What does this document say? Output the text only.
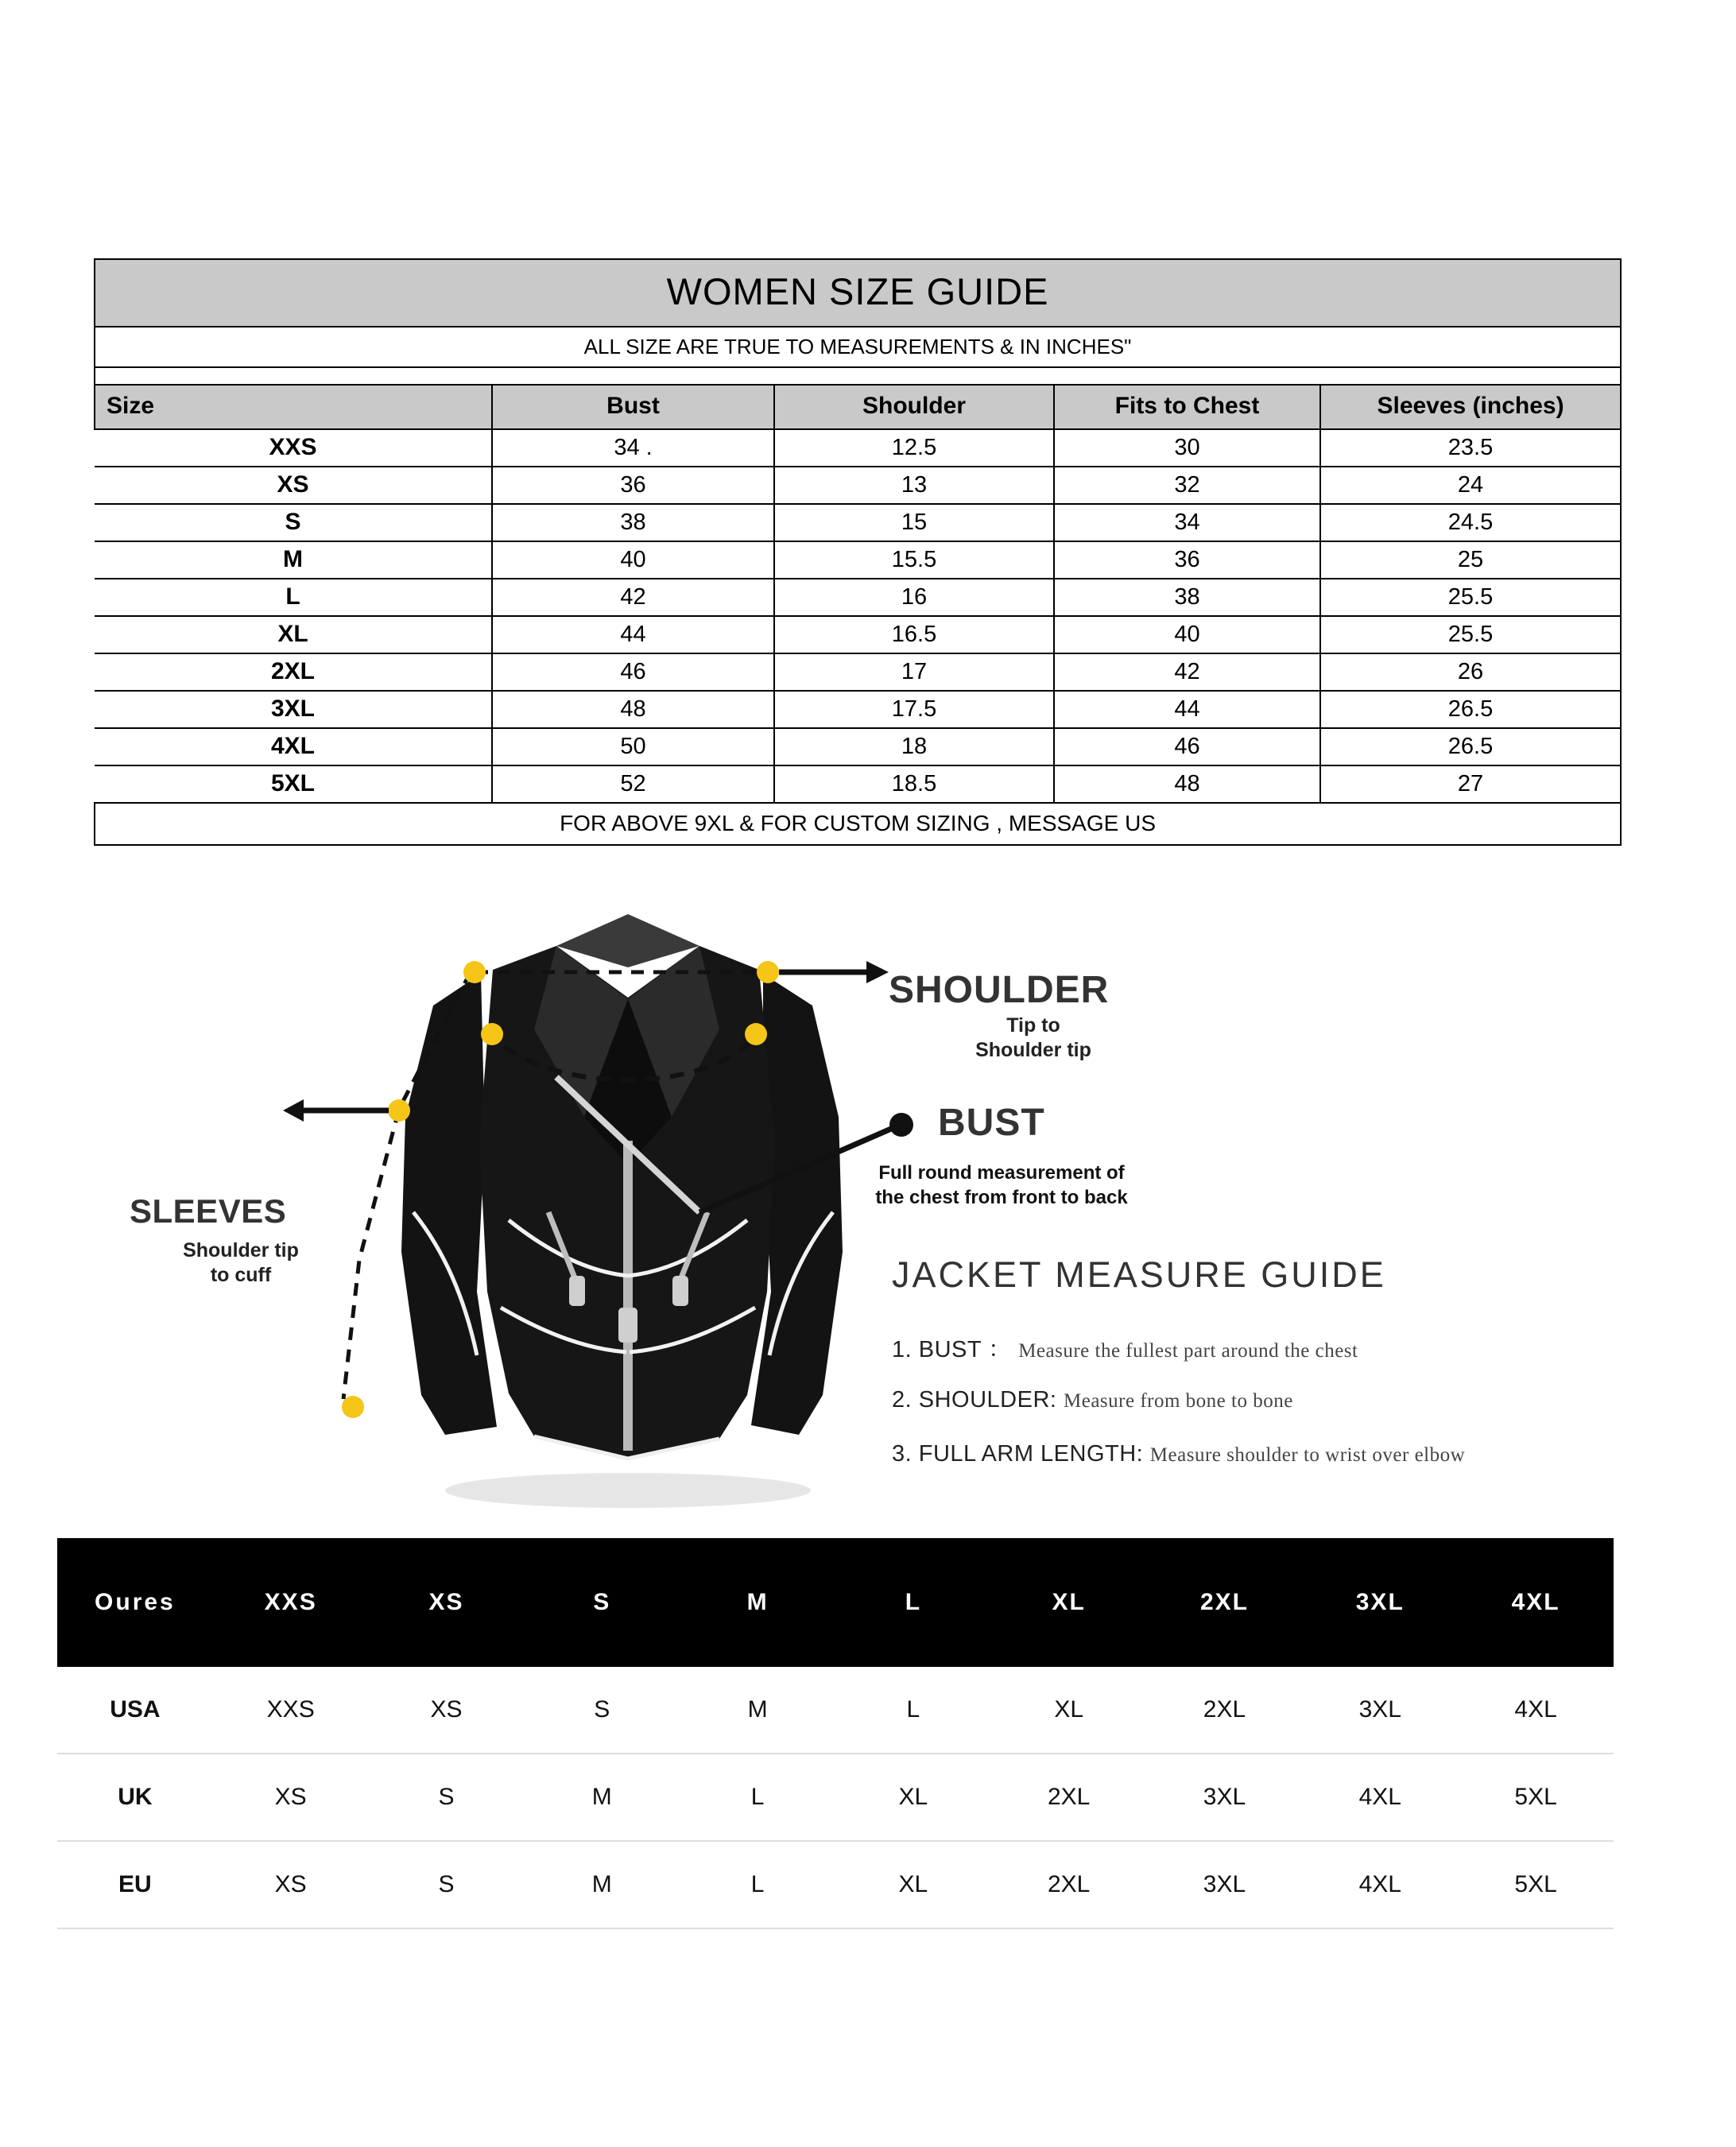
WOMEN SIZE GUIDE				
ALL SIZE ARE TRUE TO MEASUREMENTS & IN INCHES"				

Size	Bust	Shoulder	Fits to Chest	Sleeves (inches)
XXS	34 .	12.5	30	23.5
XS	36	13	32	24
S	38	15	34	24.5
M	40	15.5	36	25
L	42	16	38	25.5
XL	44	16.5	40	25.5
2XL	46	17	42	26
3XL	48	17.5	44	26.5
4XL	50	18	46	26.5
5XL	52	18.5	48	27
FOR ABOVE 9XL & FOR CUSTOM SIZING , MESSAGE US				
SHOULDER
Tip to
Shoulder tip
BUST
Full round measurement of
the chest from front to back
SLEEVES
Shoulder tip
to cuff	JACKET MEASURE GUIDE
1. BUST ： Measure the fullest part around the chest
2. SHOULDER: Measure from bone to bone
3. FULL ARM LENGTH: Measure shoulder to wrist over elbow
Oures	XXS	XS	S	M	L	XL	2XL	3XL	4XL
USA	XXS	XS	S	M	L	XL	2XL	3XL	4XL
UK	XS	S	M	L	XL	2XL	3XL	4XL	5XL
EU	XS	S	M	L	XL	2XL	3XL	4XL	5XL
